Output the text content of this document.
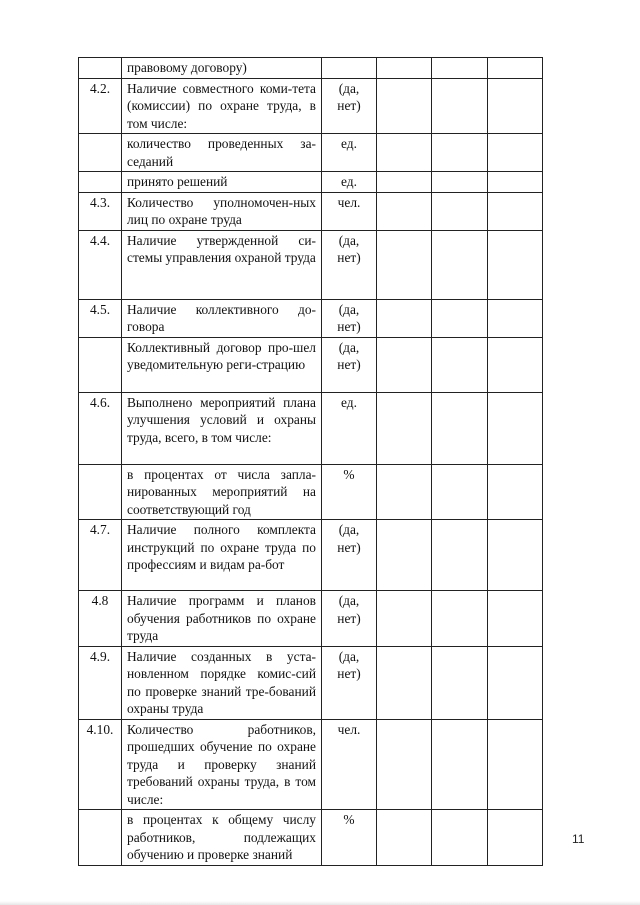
	правовому договору)				
4.2.	Наличие совместного коми-тета (комиссии) по охране труда, в том числе:	(да, нет)			
	количество проведенных за-седаний	ед.			
	принято решений	ед.			
4.3.	Количество уполномочен-ных лиц по охране труда	чел.			
4.4.	Наличие утвержденной си-стемы управления охраной труда	(да, нет)			
4.5.	Наличие коллективного до-говора	(да, нет)			
	Коллективный договор про-шел уведомительную реги-страцию	(да, нет)			
4.6.	Выполнено мероприятий плана улучшения условий и охраны труда, всего, в том числе:	ед.			
	в процентах от числа запла-нированных мероприятий на соответствующий год	%			
4.7.	Наличие полного комплекта инструкций по охране труда по профессиям и видам ра-бот	(да, нет)			
4.8	Наличие программ и планов обучения работников по охране труда	(да, нет)			
4.9.	Наличие созданных в уста-новленном порядке комис-сий по проверке знаний тре-бований охраны труда	(да, нет)			
4.10.	Количество работников, прошедших обучение по охране труда и проверку знаний требований охраны труда, в том числе:	чел.			
	в процентах к общему числу работников, подлежащих обучению и проверке знаний	%			
11
